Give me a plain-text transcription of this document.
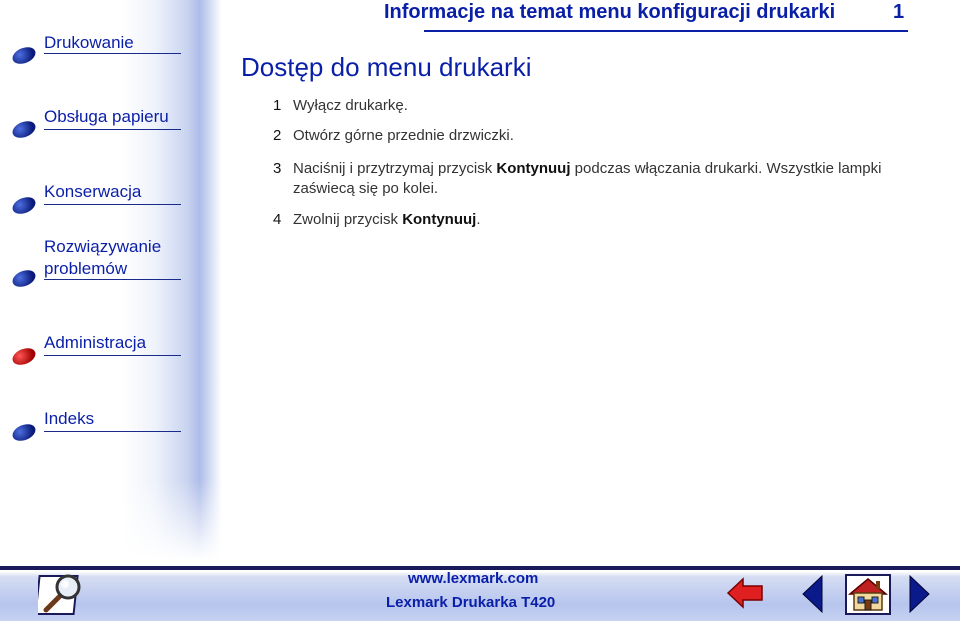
Drukowanie
Obsługa papieru
Konserwacja
Rozwiązywanie
problemów
Administracja
Indeks
Informacje na temat menu konfiguracji drukarki	1
Dostęp do menu drukarki
1 Wyłącz drukarkę.
2 Otwórz górne przednie drzwiczki.
3 Naciśnij i przytrzymaj przycisk Kontynuuj podczas włączania drukarki. Wszystkie lampki zaświecą się po kolei.
4 Zwolnij przycisk Kontynuuj.
www.lexmark.com
Lexmark Drukarka T420
